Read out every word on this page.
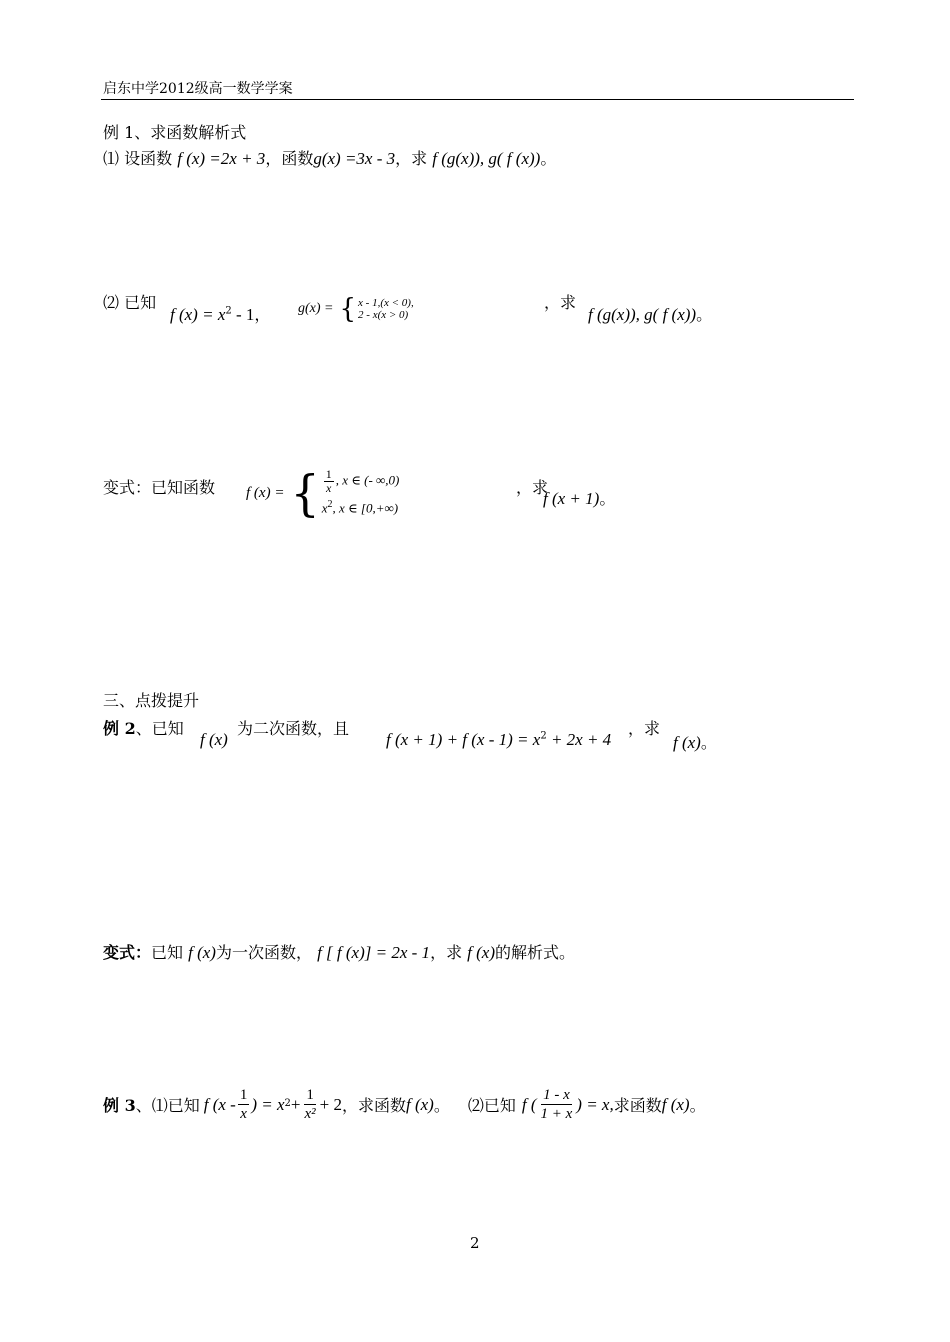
启东中学2012级高一数学学案
例 1、求函数解析式
⑴ 设函数 f (x) =2x + 3，函数g(x) =3x - 3，求 f (g(x)), g( f (x))。
⑵ 已知
f $(x) = x^2 - 1$， g(x) = { x - 1,(x < 0),
2 - x(x > 0)
，求
f (g(x)), g( f (x))。
变式：已知函数 f (x) = { $\frac{1}{x}$ , x ∈ (- ∞,0)
$x^2$, x ∈ [0,+∞)
，求
f (x + 1)。
三、点拨提升
例 2、已知
f (x)
为二次函数，且
f (x + 1) + f $(x - 1) = x^2 + 2x + 4$
，求
f (x)。
变式：已知 f (x)为一次函数， f [ f (x)] = 2x - 1，求 f (x)的解析式。
例 3 、⑴已知 f ($x - \frac{1}{x}$ ) = x $2 + \frac{1}{\text{x²}} + 2$ ，求函数 f (x) 。 ⑵已知 f ( $\frac{1 - x}{1 + x}$ ) = x, 求函数 f (x) 。
2
